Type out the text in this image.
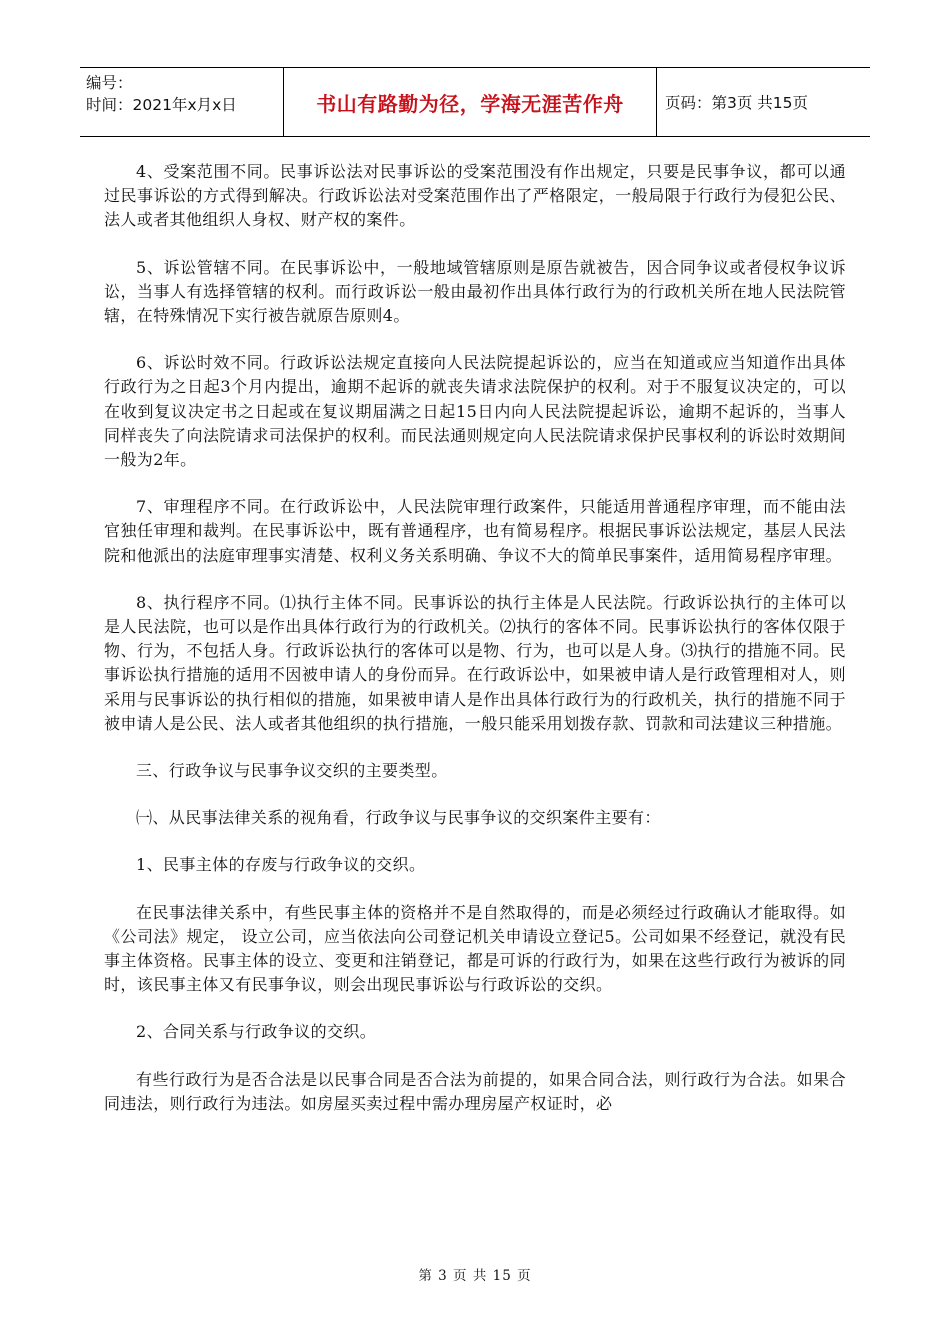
编号：
时间：2021年x月x日	书山有路勤为径，学海无涯苦作舟	页码：第3页 共15页

4、受案范围不同。民事诉讼法对民事诉讼的受案范围没有作出规定，只要是民事争议，都可以通过民事诉讼的方式得到解决。行政诉讼法对受案范围作出了严格限定，一般局限于行政行为侵犯公民、法人或者其他组织人身权、财产权的案件。

5、诉讼管辖不同。在民事诉讼中，一般地域管辖原则是原告就被告，因合同争议或者侵权争议诉讼，当事人有选择管辖的权利。而行政诉讼一般由最初作出具体行政行为的行政机关所在地人民法院管辖，在特殊情况下实行被告就原告原则4。

6、诉讼时效不同。行政诉讼法规定直接向人民法院提起诉讼的，应当在知道或应当知道作出具体行政行为之日起3个月内提出，逾期不起诉的就丧失请求法院保护的权利。对于不服复议决定的，可以在收到复议决定书之日起或在复议期届满之日起15日内向人民法院提起诉讼，逾期不起诉的，当事人同样丧失了向法院请求司法保护的权利。而民法通则规定向人民法院请求保护民事权利的诉讼时效期间一般为2年。

7、审理程序不同。在行政诉讼中，人民法院审理行政案件，只能适用普通程序审理，而不能由法官独任审理和裁判。在民事诉讼中，既有普通程序，也有简易程序。根据民事诉讼法规定，基层人民法院和他派出的法庭审理事实清楚、权利义务关系明确、争议不大的简单民事案件，适用简易程序审理。

8、执行程序不同。⑴执行主体不同。民事诉讼的执行主体是人民法院。行政诉讼执行的主体可以是人民法院，也可以是作出具体行政行为的行政机关。⑵执行的客体不同。民事诉讼执行的客体仅限于物、行为，不包括人身。行政诉讼执行的客体可以是物、行为，也可以是人身。⑶执行的措施不同。民事诉讼执行措施的适用不因被申请人的身份而异。在行政诉讼中，如果被申请人是行政管理相对人，则采用与民事诉讼的执行相似的措施，如果被申请人是作出具体行政行为的行政机关，执行的措施不同于被申请人是公民、法人或者其他组织的执行措施，一般只能采用划拨存款、罚款和司法建议三种措施。

三、行政争议与民事争议交织的主要类型。

㈠、从民事法律关系的视角看，行政争议与民事争议的交织案件主要有：

1、民事主体的存废与行政争议的交织。

在民事法律关系中，有些民事主体的资格并不是自然取得的，而是必须经过行政确认才能取得。如《公司法》规定， 设立公司，应当依法向公司登记机关申请设立登记5。公司如果不经登记，就没有民事主体资格。民事主体的设立、变更和注销登记，都是可诉的行政行为，如果在这些行政行为被诉的同时，该民事主体又有民事争议，则会出现民事诉讼与行政诉讼的交织。

2、合同关系与行政争议的交织。

有些行政行为是否合法是以民事合同是否合法为前提的，如果合同合法，则行政行为合法。如果合同违法，则行政行为违法。如房屋买卖过程中需办理房屋产权证时，必

第 3 页 共 15 页
